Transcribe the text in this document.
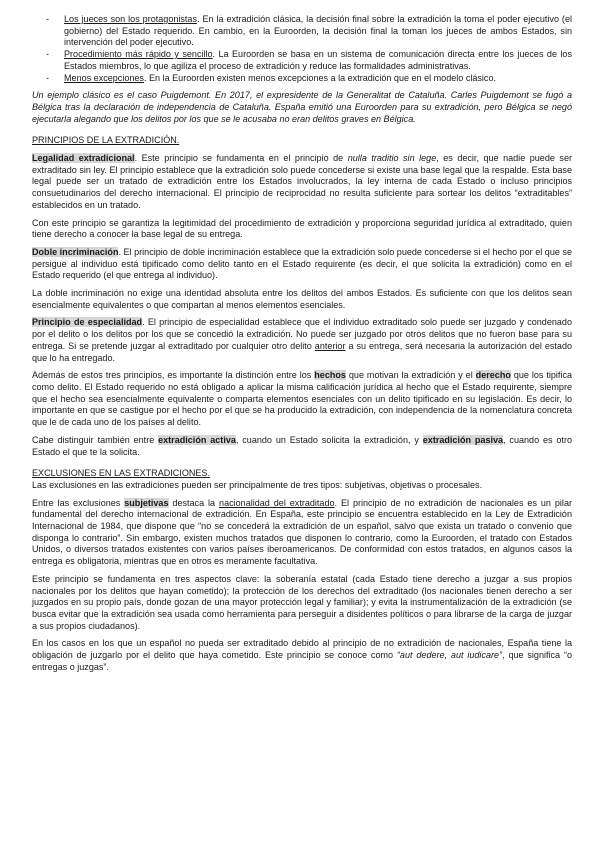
- Los jueces son los protagonistas. En la extradición clásica, la decisión final sobre la extradición la toma el poder ejecutivo (el gobierno) del Estado requerido. En cambio, en la Euroorden, la decisión final la toman los jueces de ambos Estados, sin intervención del poder ejecutivo.
- Procedimiento más rápido y sencillo. La Euroorden se basa en un sistema de comunicación directa entre los jueces de los Estados miembros, lo que agiliza el proceso de extradición y reduce las formalidades administrativas.
- Menos excepciones. En la Euroorden existen menos excepciones a la extradición que en el modelo clásico.

Un ejemplo clásico es el caso Puigdemont. En 2017, el expresidente de la Generalitat de Cataluña. Carles Puigdemont se fugó a Bélgica tras la declaración de independencia de Cataluña. España emitió una Euroorden para su extradición, pero Bélgica se negó ejecutarla alegando que los delitos por los que se le acusaba no eran delitos graves en Bélgica.

PRINCIPIOS DE LA EXTRADICIÓN.

Legalidad extradicional. Este principio se fundamenta en el principio de nulla traditio sin lege, es decir, que nadie puede ser extraditado sin ley. El principio establece que la extradición solo puede concederse si existe una base legal que la respalde. Esta base legal puede ser un tratado de extradición entre los Estados involucrados, la ley interna de cada Estado o incluso principios consuetudinarios del derecho internacional. El principio de reciprocidad no resulta suficiente para sortear los delitos “extraditables” establecidos en un tratado.

Con este principio se garantiza la legitimidad del procedimiento de extradición y proporciona seguridad jurídica al extraditado, quien tiene derecho a conocer la base legal de su entrega.

Doble incriminación. El principio de doble incriminación establece que la extradición solo puede concederse si el hecho por el que se persigue al individuo está tipificado como delito tanto en el Estado requirente (es decir, el que solicita la extradición) como en el Estado requerido (el que entrega al individuo).

La doble incriminación no exige una identidad absoluta entre los delitos del ambos Estados. Es suficiente con que los delitos sean esencialmente equivalentes o que compartan al menos elementos esenciales.

Principio de especialidad. El principio de especialidad establece que el individuo extraditado solo puede ser juzgado y condenado por el delito o los delitos por los que se concedió la extradición. No puede ser juzgado por otros delitos que no fueron base para su entrega. Si se pretende juzgar al extraditado por cualquier otro delito anterior a su entrega, será necesaria la autorización del estado que lo ha entregado.

Además de estos tres principios, es importante la distinción entre los hechos que motivan la extradición y el derecho que los tipifica como delito. El Estado requerido no está obligado a aplicar la misma calificación jurídica al hecho que el Estado requirente, siempre que el hecho sea esencialmente equivalente o comparta elementos esenciales con un delito tipificado en su legislación. Es decir, lo importante en que se castigue por el hecho por el que se ha producido la extradición, con independencia de la nomenclatura concreta que le de cada uno de los países al delito.

Cabe distinguir también entre extradición activa, cuando un Estado solicita la extradición, y extradición pasiva, cuando es otro Estado el que te la solicita.

EXCLUSIONES EN LAS EXTRADICIONES.

Las exclusiones en las extradiciones pueden ser principalmente de tres tipos: subjetivas, objetivas o procesales.

Entre las exclusiones subjetivas destaca la nacionalidad del extraditado. El principio de no extradición de nacionales es un pilar fundamental del derecho internacional de extradición. En España, este principio se encuentra establecido en la Ley de Extradición Internacional de 1984, que dispone que “no se concederá la extradición de un español, salvo que exista un tratado o convenio que disponga lo contrario”. Sin embargo, existen muchos tratados que disponen lo contrario, como la Euroorden, el tratado con Estados Unidos, o diversos tratados existentes con varios países iberoamericanos. De conformidad con estos tratados, en algunos casos la entrega es obligatoria, mientras que en otros es meramente facultativa.

Este principio se fundamenta en tres aspectos clave: la soberanía estatal (cada Estado tiene derecho a juzgar a sus propios nacionales por los delitos que hayan cometido); la protección de los derechos del extraditado (los nacionales tienen derecho a ser juzgados en su propio país, donde gozan de una mayor protección legal y familiar); y evita la instrumentalización de la extradición (se busca evitar que la extradición sea usada como herramienta para perseguir a disidentes políticos o para librarse de la carga de juzgar a sus propios ciudadanos).

En los casos en los que un español no pueda ser extraditado debido al principio de no extradición de nacionales, España tiene la obligación de juzgarlo por el delito que haya cometido. Este principio se conoce como “aut dedere, aut iudicare”, que significa “o entregas o juzgas”.
